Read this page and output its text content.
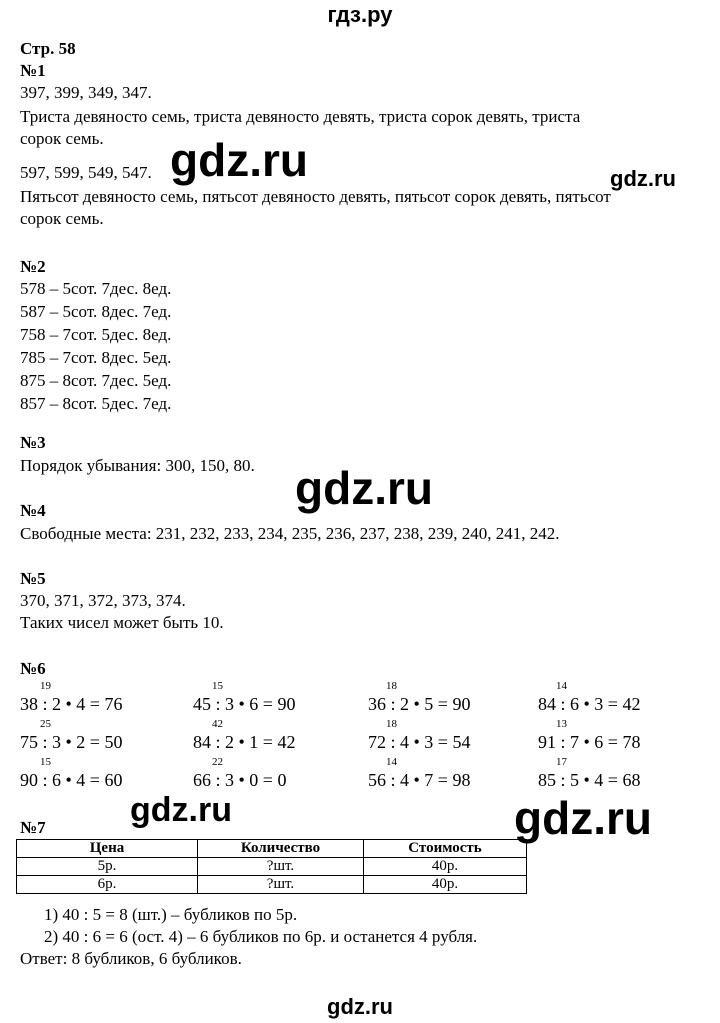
гдз.ру
Стр. 58
№1
397, 399, 349, 347.
Триста девяносто семь, триста девяносто девять, триста сорок девять, триста
сорок семь.
597, 599, 549, 547.
Пятьсот девяносто семь, пятьсот девяносто девять, пятьсот сорок девять, пятьсот
сорок семь.
gdz.ru	gdz.ru
№2
578 – 5сот. 7дес. 8ед.
587 – 5сот. 8дес. 7ед.
758 – 7сот. 5дес. 8ед.
785 – 7сот. 8дес. 5ед.
875 – 8сот. 7дес. 5ед.
857 – 8сот. 5дес. 7ед.
№3
Порядок убывания: 300, 150, 80. gdz.ru
№4
Свободные места: 231, 232, 233, 234, 235, 236, 237, 238, 239, 240, 241, 242.
№5
370, 371, 372, 373, 374.
Таких чисел может быть 10.
№6
19
38 : 2 • 4 = 76
15
45 : 3 • 6 = 90
18
36 : 2 • 5 = 90
14
84 : 6 • 3 = 42
25
75 : 3 • 2 = 50
42
84 : 2 • 1 = 42
18
72 : 4 • 3 = 54
13
91 : 7 • 6 = 78
15
90 : 6 • 4 = 60
22
66 : 3 • 0 = 0
14
56 : 4 • 7 = 98
17
85 : 5 • 4 = 68
gdz.ru	gdz.ru
№7
Цена	Количество	Стоимость
5р.	?шт.	40р.
6р.	?шт.	40р.
1) 40 : 5 = 8 (шт.) – бубликов по 5р.
2) 40 : 6 = 6 (ост. 4) – 6 бубликов по 6р. и останется 4 рубля.
Ответ: 8 бубликов, 6 бубликов.
gdz.ru
